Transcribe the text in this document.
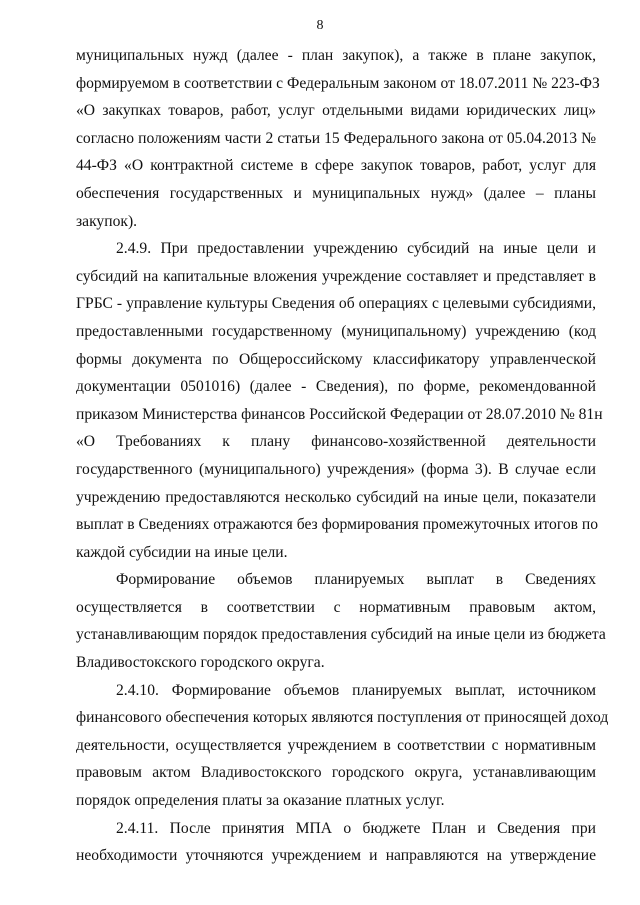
8
муниципальных нужд (далее - план закупок), а также в плане закупок,
формируемом в соответствии с Федеральным законом от 18.07.2011 № 223-ФЗ
«О закупках товаров, работ, услуг отдельными видами юридических лиц»
согласно положениям части 2 статьи 15 Федерального закона от 05.04.2013 №
44-ФЗ «О контрактной системе в сфере закупок товаров, работ, услуг для
обеспечения государственных и муниципальных нужд» (далее – планы
закупок).
2.4.9. При предоставлении учреждению субсидий на иные цели и
субсидий на капитальные вложения учреждение составляет и представляет в
ГРБС - управление культуры Сведения об операциях с целевыми субсидиями,
предоставленными государственному (муниципальному) учреждению (код
формы документа по Общероссийскому классификатору управленческой
документации 0501016) (далее - Сведения), по форме, рекомендованной
приказом Министерства финансов Российской Федерации от 28.07.2010 № 81н
«О Требованиях к плану финансово-хозяйственной деятельности
государственного (муниципального) учреждения» (форма 3). В случае если
учреждению предоставляются несколько субсидий на иные цели, показатели
выплат в Сведениях отражаются без формирования промежуточных итогов по
каждой субсидии на иные цели.
Формирование объемов планируемых выплат в Сведениях
осуществляется в соответствии с нормативным правовым актом,
устанавливающим порядок предоставления субсидий на иные цели из бюджета
Владивостокского городского округа.
2.4.10. Формирование объемов планируемых выплат, источником
финансового обеспечения которых являются поступления от приносящей доход
деятельности, осуществляется учреждением в соответствии с нормативным
правовым актом Владивостокского городского округа, устанавливающим
порядок определения платы за оказание платных услуг.
2.4.11. После принятия МПА о бюджете План и Сведения при
необходимости уточняются учреждением и направляются на утверждение
